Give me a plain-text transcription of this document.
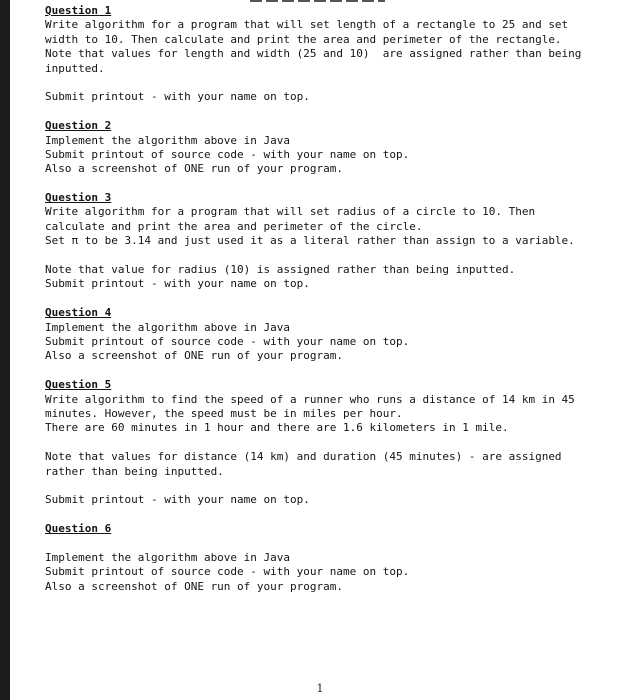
Question 1
Write algorithm for a program that will set length of a rectangle to 25 and set
width to 10. Then calculate and print the area and perimeter of the rectangle.
Note that values for length and width (25 and 10)  are assigned rather than being
inputted.
Submit printout - with your name on top.
Question 2
Implement the algorithm above in Java
Submit printout of source code - with your name on top.
Also a screenshot of ONE run of your program.
Question 3
Write algorithm for a program that will set radius of a circle to 10. Then
calculate and print the area and perimeter of the circle.
Set π to be 3.14 and just used it as a literal rather than assign to a variable.
Note that value for radius (10) is assigned rather than being inputted.
Submit printout - with your name on top.
Question 4
Implement the algorithm above in Java
Submit printout of source code - with your name on top.
Also a screenshot of ONE run of your program.
Question 5
Write algorithm to find the speed of a runner who runs a distance of 14 km in 45
minutes. However, the speed must be in miles per hour.
There are 60 minutes in 1 hour and there are 1.6 kilometers in 1 mile.
Note that values for distance (14 km) and duration (45 minutes) - are assigned
rather than being inputted.
Submit printout - with your name on top.
Question 6
Implement the algorithm above in Java
Submit printout of source code - with your name on top.
Also a screenshot of ONE run of your program.
1
